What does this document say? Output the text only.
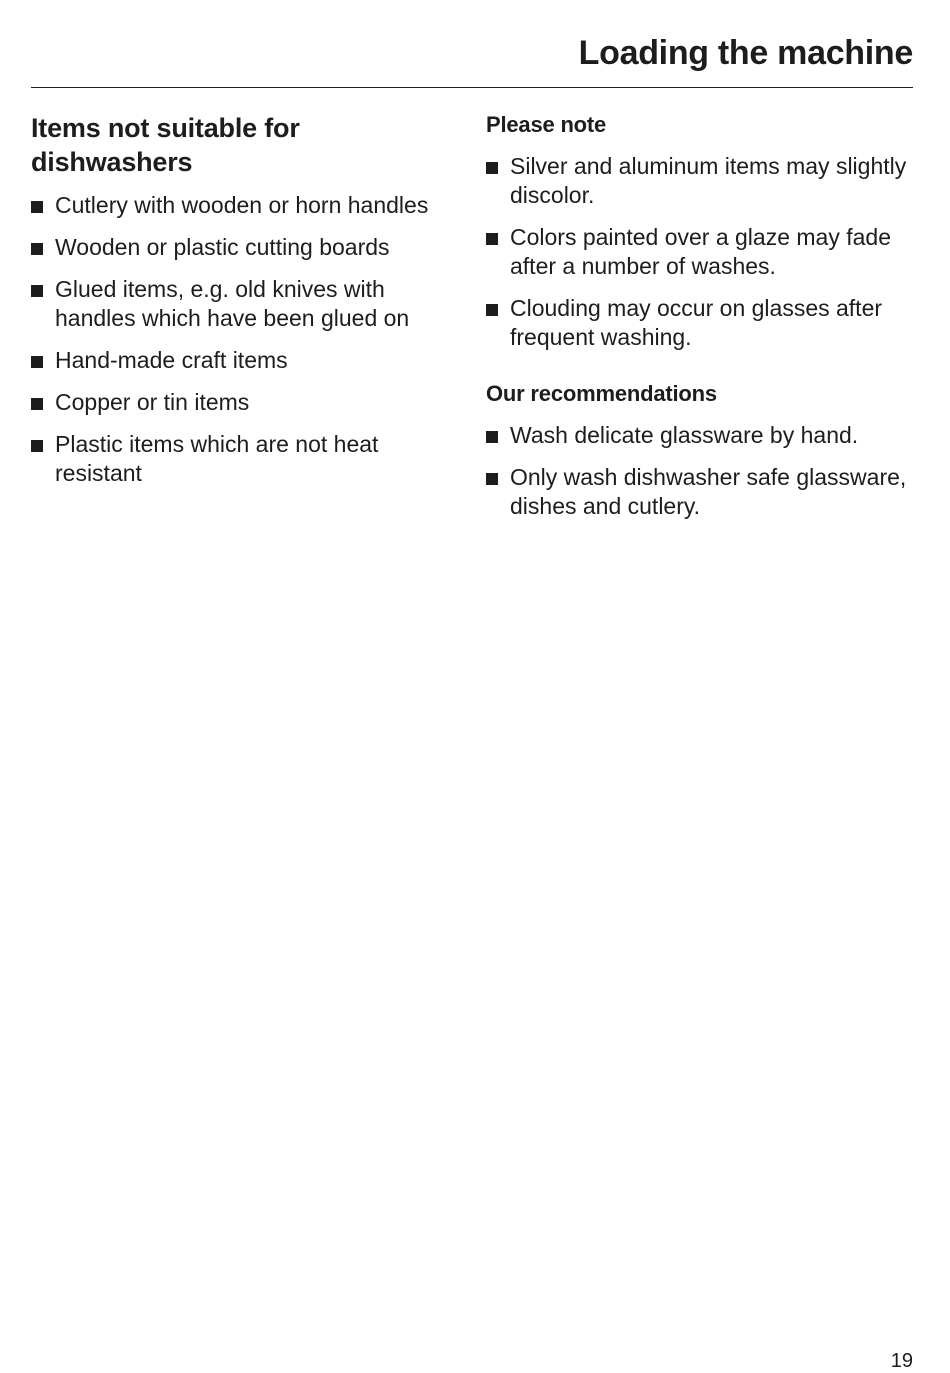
Loading the machine
Items not suitable for dishwashers
Cutlery with wooden or horn handles
Wooden or plastic cutting boards
Glued items, e.g. old knives with handles which have been glued on
Hand-made craft items
Copper or tin items
Plastic items which are not heat resistant
Please note
Silver and aluminum items may slightly discolor.
Colors painted over a glaze may fade after a number of washes.
Clouding may occur on glasses after frequent washing.
Our recommendations
Wash delicate glassware by hand.
Only wash dishwasher safe glassware, dishes and cutlery.
19
